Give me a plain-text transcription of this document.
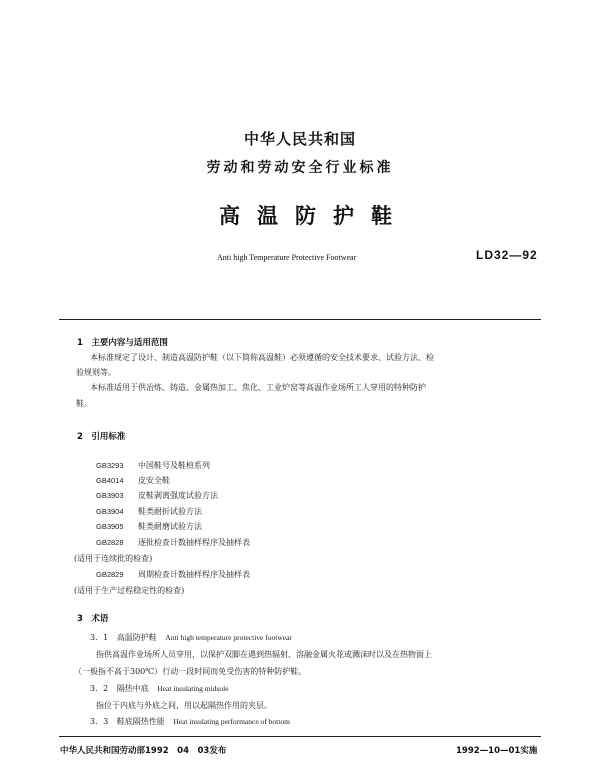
中华人民共和国
劳动和劳动安全行业标准
高温防护鞋
Anti high Temperature Protective Footwear	LD32—92
1　主要内容与适用范围
本标准规定了设计、制造高温防护鞋（以下简称高温鞋）必须遵循的安全技术要求、试验方法、检
验规则等。
本标准适用于供冶炼、铸造、金属热加工、焦化、工业炉窑等高温作业场所工人穿用的特种防护
鞋。
2　引用标准
GB3293 中国鞋号及鞋楦系列
GB4014 皮安全鞋
GB3903 皮鞋剥离强度试验方法
GB3904 鞋类耐折试验方法
GB3905 鞋类耐磨试验方法
GB2828 逐批检查计数抽样程序及抽样表
(适用于连续批的检查)
GB2829 周期检查计数抽样程序及抽样表
(适用于生产过程稳定性的检查)
3　术语
3．1 高温防护鞋 Anti high temperature protective footwear
指供高温作业场所人员穿用，以保护双脚在遇到热辐射、溶融金属火花或溅沫时以及在热物面上
（一般指不高于300℃）行动一段时间而免受伤害的特种防护鞋。
3．2 隔热中底 Heat insulating midsole
指位于内底与外底之间，用以起隔热作用的夹层。
3．3 鞋底隔热性能 Heat insulating performance of bottom
中华人民共和国劳动部1992　04　03发布	1992—10—01实施
